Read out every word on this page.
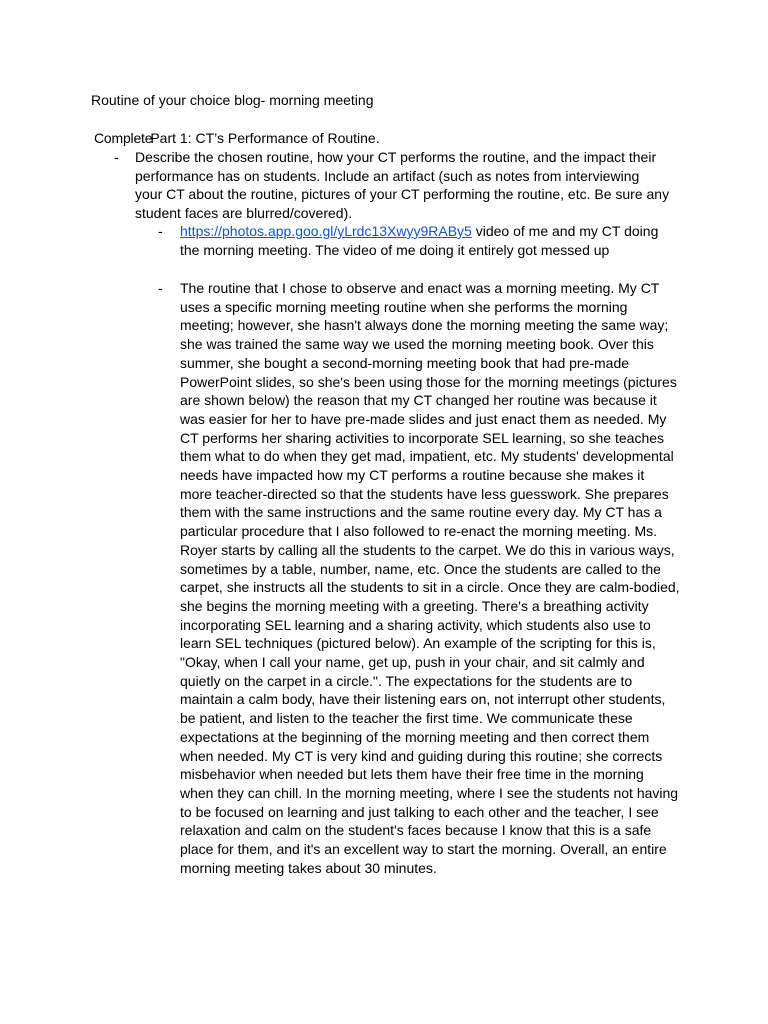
Routine of your choice blog- morning meeting

CompletePart 1: CT’s Performance of Routine.

- Describe the chosen routine, how your CT performs the routine, and the impact their performance has on students. Include an artifact (such as notes from interviewing your CT about the routine, pictures of your CT performing the routine, etc. Be sure any student faces are blurred/covered).
- https://photos.app.goo.gl/yLrdc13Xwyy9RABy5 video of me and my CT doing the morning meeting. The video of me doing it entirely got messed up
- The routine that I chose to observe and enact was a morning meeting. My CT uses a specific morning meeting routine when she performs the morning meeting; however, she hasn't always done the morning meeting the same way; she was trained the same way we used the morning meeting book. Over this summer, she bought a second-morning meeting book that had pre-made PowerPoint slides, so she's been using those for the morning meetings (pictures are shown below) the reason that my CT changed her routine was because it was easier for her to have pre-made slides and just enact them as needed. My CT performs her sharing activities to incorporate SEL learning, so she teaches them what to do when they get mad, impatient, etc. My students' developmental needs have impacted how my CT performs a routine because she makes it more teacher-directed so that the students have less guesswork. She prepares them with the same instructions and the same routine every day. My CT has a particular procedure that I also followed to re-enact the morning meeting. Ms. Royer starts by calling all the students to the carpet. We do this in various ways, sometimes by a table, number, name, etc. Once the students are called to the carpet, she instructs all the students to sit in a circle. Once they are calm-bodied, she begins the morning meeting with a greeting. There's a breathing activity incorporating SEL learning and a sharing activity, which students also use to learn SEL techniques (pictured below). An example of the scripting for this is, "Okay, when I call your name, get up, push in your chair, and sit calmly and quietly on the carpet in a circle.". The expectations for the students are to maintain a calm body, have their listening ears on, not interrupt other students, be patient, and listen to the teacher the first time. We communicate these expectations at the beginning of the morning meeting and then correct them when needed. My CT is very kind and guiding during this routine; she corrects misbehavior when needed but lets them have their free time in the morning when they can chill. In the morning meeting, where I see the students not having to be focused on learning and just talking to each other and the teacher, I see relaxation and calm on the student's faces because I know that this is a safe place for them, and it's an excellent way to start the morning. Overall, an entire morning meeting takes about 30 minutes.
